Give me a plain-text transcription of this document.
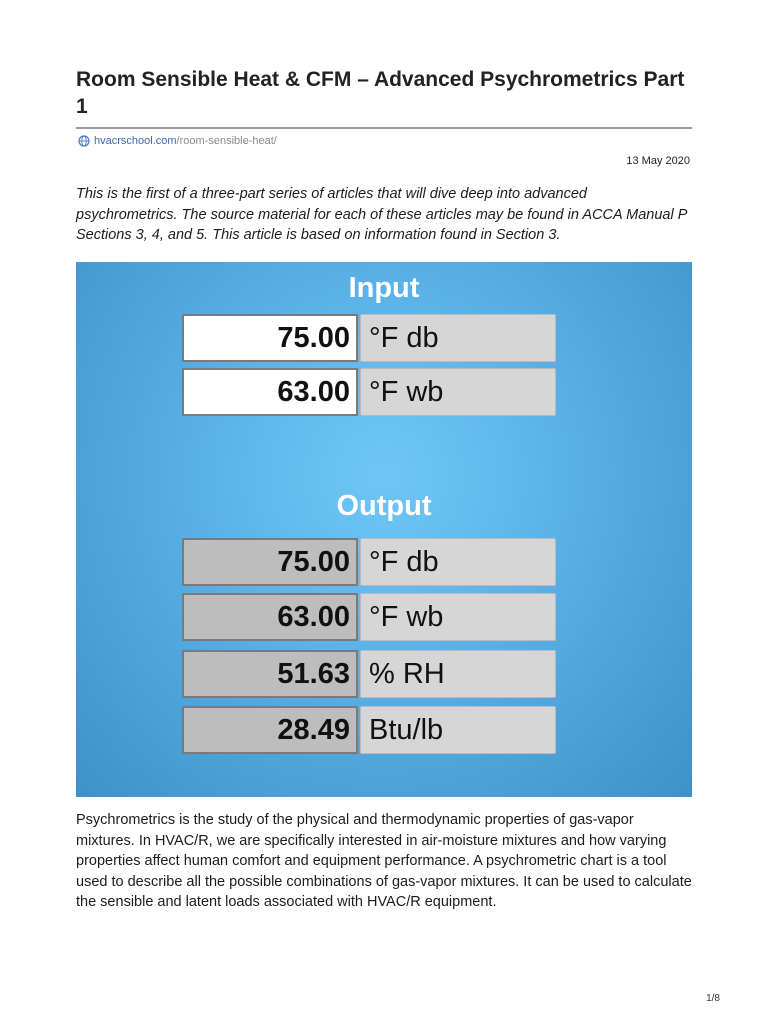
Room Sensible Heat & CFM – Advanced Psychrometrics Part 1
hvacrschool.com /room-sensible-heat/
13 May 2020
This is the first of a three-part series of articles that will dive deep into advanced psychrometrics. The source material for each of these articles may be found in ACCA Manual P Sections 3, 4, and 5. This article is based on information found in Section 3.
Input
75.00 °F db
63.00 °F wb
Output
75.00 °F db
63.00 °F wb
51.63 % RH
28.49 Btu/lb
Psychrometrics is the study of the physical and thermodynamic properties of gas-vapor mixtures. In HVAC/R, we are specifically interested in air-moisture mixtures and how varying properties affect human comfort and equipment performance. A psychrometric chart is a tool used to describe all the possible combinations of gas-vapor mixtures. It can be used to calculate the sensible and latent loads associated with HVAC/R equipment.
1/8
